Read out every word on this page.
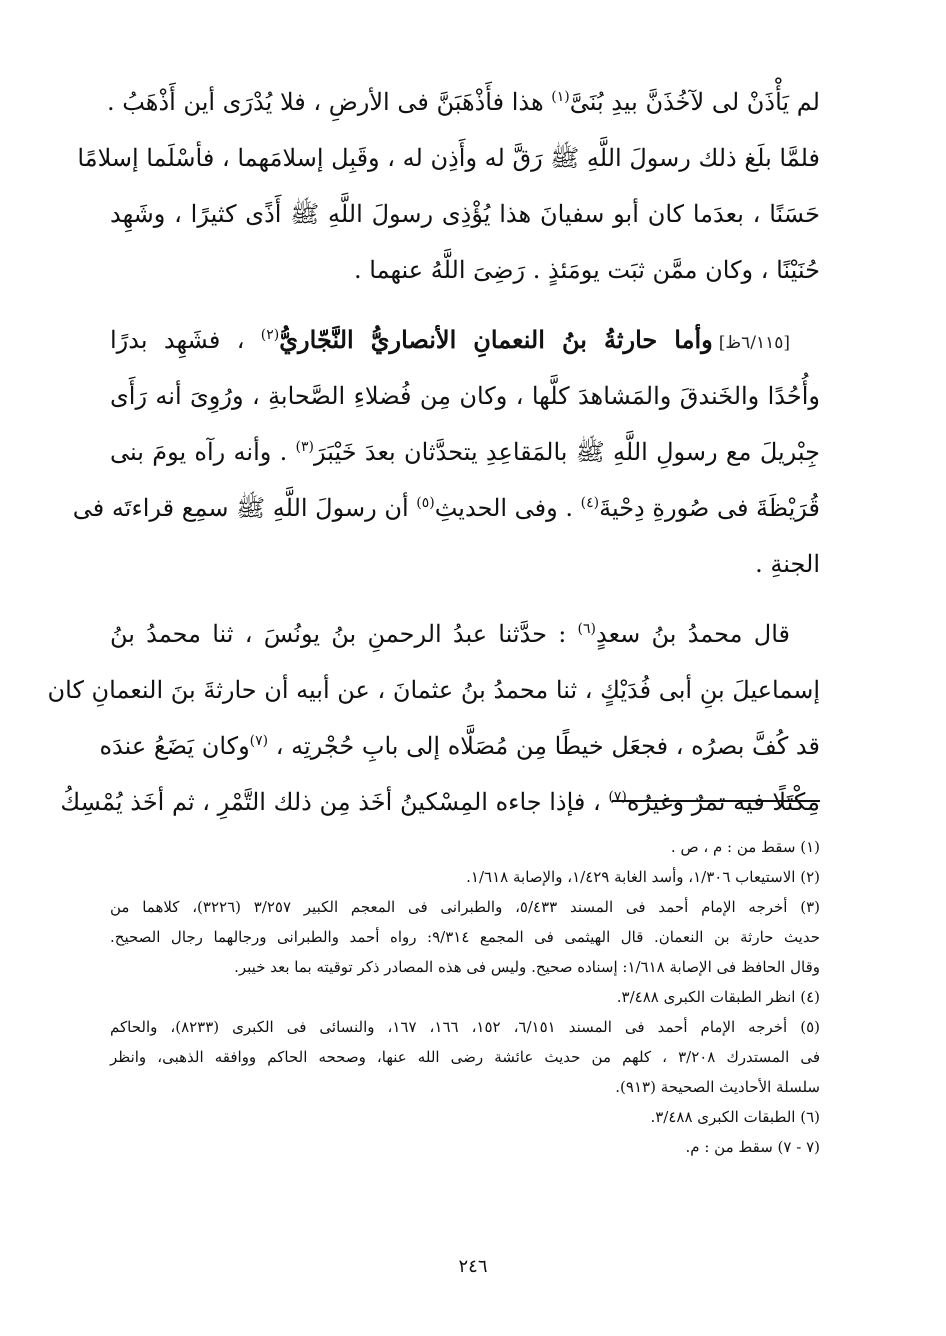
لم يَأْذَنْ لى لآخُذَنَّ بيدِ بُنَىَّ$^{(١)}$ هذا فأَذْهَبَنَّ فى الأرضِ ، فلا يُدْرَى أين أَذْهَبُ .
فلمَّا بلَغ ذلك رسولَ اللَّهِ ﷺ رَقَّ له وأَذِن له ، وقَبِل إسلامَهما ، فأسْلَما إسلامًا
حَسَنًا ، بعدَما كان أبو سفيانَ هذا يُؤْذِى رسولَ اللَّهِ ﷺ أَذًى كثيرًا ، وشَهِد
حُنَيْنًا ، وكان ممَّن ثبَت يومَئذٍ . رَضِىَ اللَّهُ عنهما .
[٦/١١٥ظ]وأما حارثةُ بنُ النعمانِ الأنصاريُّ النَّجّاريُّ$^{(٢)}$ ، فشَهِد بدرًا
وأُحُدًا والخَندقَ والمَشاهدَ كلَّها ، وكان مِن فُضلاءِ الصَّحابةِ ، ورُوِىَ أنه رَأَى
جِبْريلَ مع رسولِ اللَّهِ ﷺ بالمَقاعِدِ يتحدَّثان بعدَ خَيْبَرَ$^{(٣)}$ . وأنه رآه يومَ بنى
قُرَيْظَةَ فى صُورةِ دِحْيةَ$^{(٤)}$ . وفى الحديثِ$^{(٥)}$ أن رسولَ اللَّهِ ﷺ سمِع قراءتَه فى
الجنةِ .
قال محمدُ بنُ سعدٍ$^{(٦)}$ : حدَّثنا عبدُ الرحمنِ بنُ يونُسَ ، ثنا محمدُ بنُ
إسماعيلَ بنِ أبى فُدَيْكٍ ، ثنا محمدُ بنُ عثمانَ ، عن أبيه أن حارثةَ بنَ النعمانِ كان
قد كُفَّ بصرُه ، فجعَل خيطًا مِن مُصَلَّاه إلى بابِ حُجْرتِه ، $^{(٧)}$وكان يَضَعُ عندَه
مِكْتَلًا فيه تمرٌ وغيرُه$^{(٧)}$ ، فإذا جاءه المِسْكينُ أخَذ مِن ذلك التَّمْرِ ، ثم أخَذ يُمْسِكُ
(١) سقط من : م ، ص .
(٢) الاستيعاب ١/٣٠٦، وأسد الغابة ١/٤٢٩، والإصابة ١/٦١٨.
(٣) أخرجه الإمام أحمد فى المسند ٥/٤٣٣، والطبرانى فى المعجم الكبير ٣/٢٥٧ (٣٢٢٦)، كلاهما من
حديث حارثة بن النعمان. قال الهيثمى فى المجمع ٩/٣١٤: رواه أحمد والطبرانى ورجالهما رجال الصحيح.
وقال الحافظ فى الإصابة ١/٦١٨: إسناده صحيح. وليس فى هذه المصادر ذكر توقيته بما بعد خيبر.
(٤) انظر الطبقات الكبرى ٣/٤٨٨.
(٥) أخرجه الإمام أحمد فى المسند ٦/١٥١، ١٥٢، ١٦٦، ١٦٧، والنسائى فى الكبرى (٨٢٣٣)، والحاكم
فى المستدرك ٣/٢٠٨ ، كلهم من حديث عائشة رضى الله عنها، وصححه الحاكم ووافقه الذهبى، وانظر
سلسلة الأحاديث الصحيحة (٩١٣).
(٦) الطبقات الكبرى ٣/٤٨٨.
(٧ - ٧) سقط من : م.
٢٤٦
